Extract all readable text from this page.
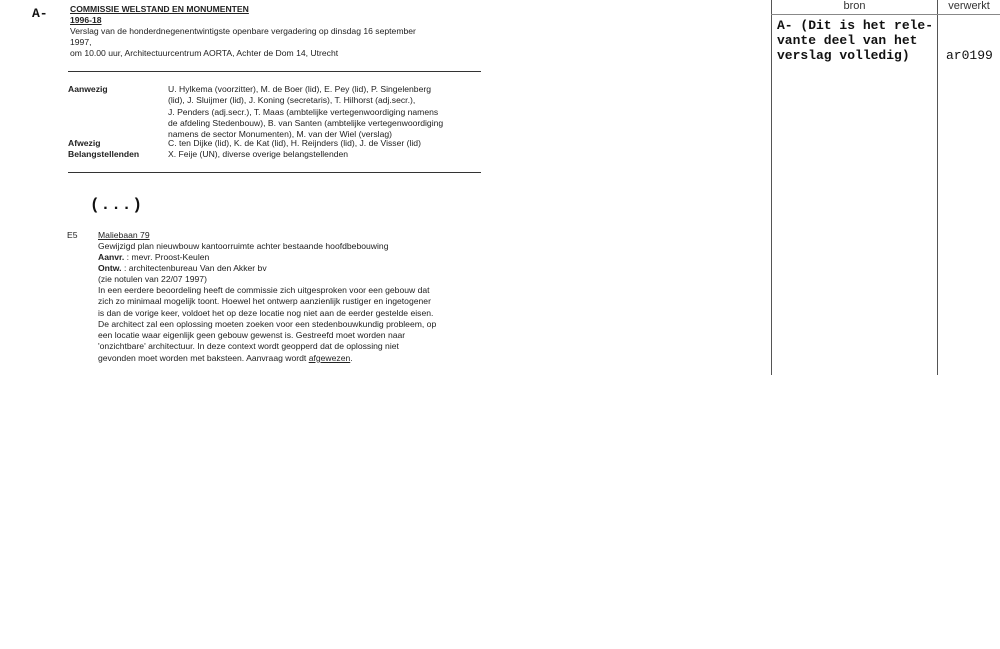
A-	COMMISSIE WELSTAND EN MONUMENTEN
1996-18
Verslag van de honderdnegenentwintigste openbare vergadering op dinsdag 16 september
1997,
om 10.00 uur, Architectuurcentrum AORTA, Achter de Dom 14, Utrecht
Aanwezig	U. Hylkema (voorzitter), M. de Boer (lid), E. Pey (lid), P. Singelenberg
(lid), J. Sluijmer (lid), J. Koning (secretaris), T. Hilhorst (adj.secr.),
J. Penders (adj.secr.), T. Maas (ambtelijke vertegenwoordiging namens
de afdeling Stedenbouw), B. van Santen (ambtelijke vertegenwoordiging
namens de sector Monumenten), M. van der Wiel (verslag)
Afwezig	C. ten Dijke (lid), K. de Kat (lid), H. Reijnders (lid), J. de Visser (lid)
Belangstellenden	X. Feije (UN), diverse overige belangstellenden
(...)
E5 Maliebaan 79
Gewijzigd plan nieuwbouw kantoorruimte achter bestaande hoofdbebouwing
Aanvr. : mevr. Proost-Keulen
Ontw. : architectenbureau Van den Akker bv
(zie notulen van 22/07 1997)
In een eerdere beoordeling heeft de commissie zich uitgesproken voor een gebouw dat
zich zo minimaal mogelijk toont. Hoewel het ontwerp aanzienlijk rustiger en ingetogener
is dan de vorige keer, voldoet het op deze locatie nog niet aan de eerder gestelde eisen.
De architect zal een oplossing moeten zoeken voor een stedenbouwkundig probleem, op
een locatie waar eigenlijk geen gebouw gewenst is. Gestreefd moet worden naar
'onzichtbare' architectuur. In deze context wordt geopperd dat de oplossing niet
gevonden moet worden met baksteen. Aanvraag wordt afgewezen.
bron	verwerkt
A- (Dit is het rele-
vante deel van het
verslag volledig)	ar0199
